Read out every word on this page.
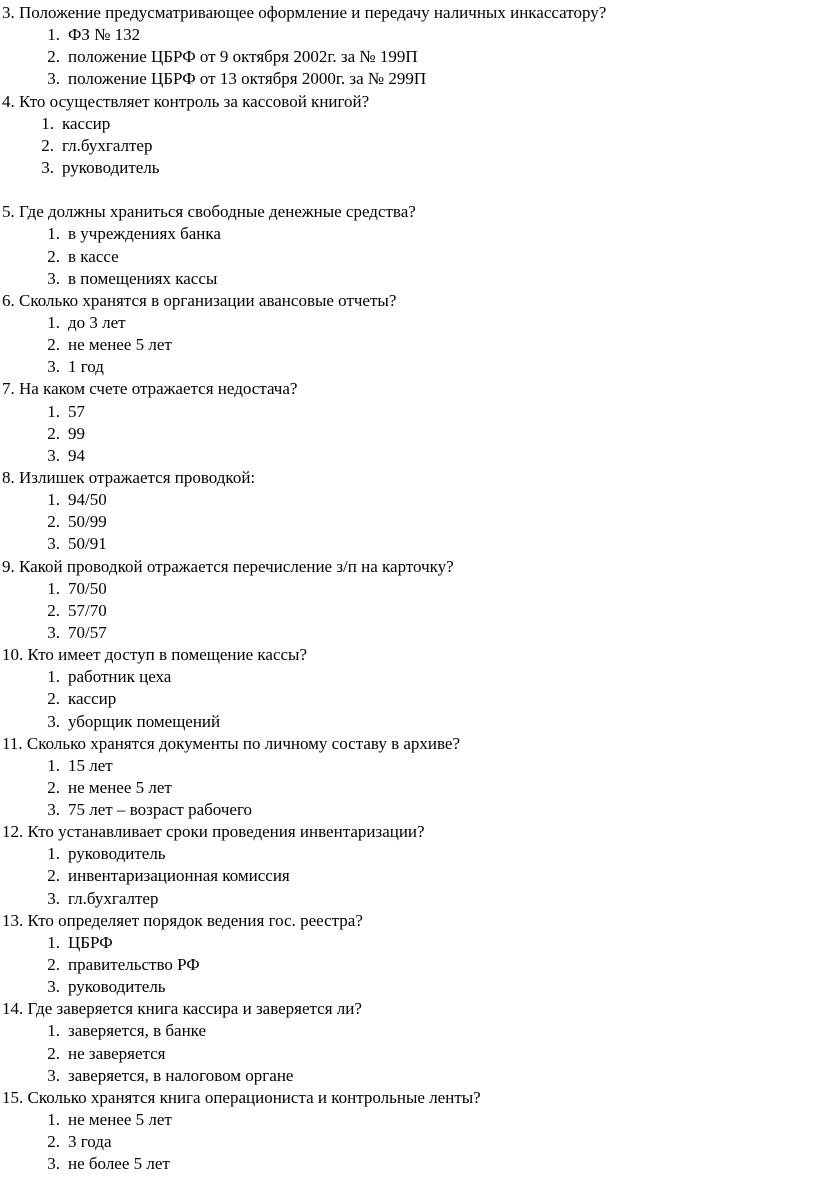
3. Положение предусматривающее оформление и передачу наличных инкассатору?
1. ФЗ № 132
2. положение ЦБРФ от 9 октября 2002г. за № 199П
3. положение ЦБРФ от 13 октября 2000г. за № 299П
4. Кто осуществляет контроль за кассовой книгой?
1. кассир
2. гл.бухгалтер
3. руководитель
5. Где должны храниться свободные денежные средства?
1. в учреждениях банка
2. в кассе
3. в помещениях кассы
6. Сколько хранятся в организации авансовые отчеты?
1. до 3 лет
2. не менее 5 лет
3. 1 год
7. На каком счете отражается недостача?
1. 57
2. 99
3. 94
8. Излишек отражается проводкой:
1. 94/50
2. 50/99
3. 50/91
9. Какой проводкой отражается перечисление з/п на карточку?
1. 70/50
2. 57/70
3. 70/57
10. Кто имеет доступ в помещение кассы?
1. работник цеха
2. кассир
3. уборщик помещений
11. Сколько хранятся документы по личному составу в архиве?
1. 15 лет
2. не менее 5 лет
3. 75 лет – возраст рабочего
12. Кто устанавливает сроки проведения инвентаризации?
1. руководитель
2. инвентаризационная комиссия
3. гл.бухгалтер
13. Кто определяет порядок ведения гос. реестра?
1. ЦБРФ
2. правительство РФ
3. руководитель
14. Где заверяется книга кассира и заверяется ли?
1. заверяется, в банке
2. не заверяется
3. заверяется, в налоговом органе
15. Сколько хранятся книга операциониста и контрольные ленты?
1. не менее 5 лет
2. 3 года
3. не более 5 лет
